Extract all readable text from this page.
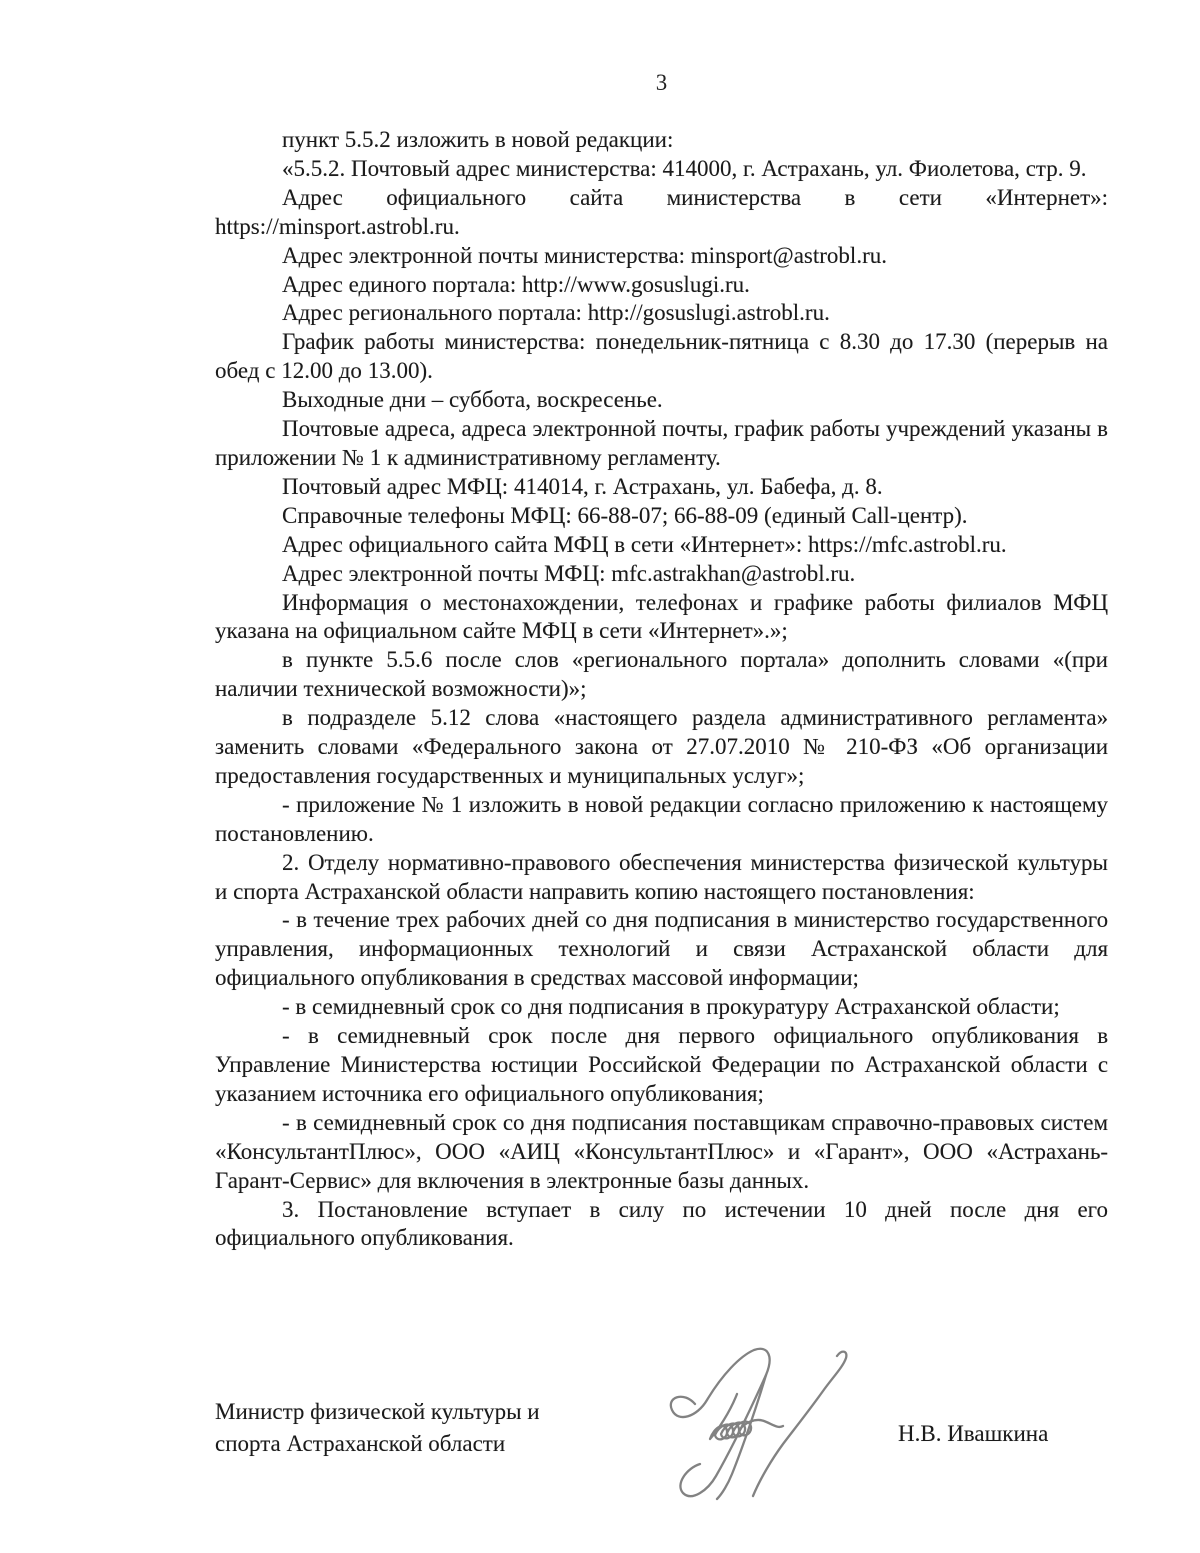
3

пункт 5.5.2 изложить в новой редакции:

«5.5.2. Почтовый адрес министерства: 414000, г. Астрахань, ул. Фиолетова, стр. 9.

Адрес официального сайта министерства в сети «Интернет»: https://minsport.astrobl.ru.

Адрес электронной почты министерства: minsport@astrobl.ru.

Адрес единого портала: http://www.gosuslugi.ru.

Адрес регионального портала: http://gosuslugi.astrobl.ru.

График работы министерства: понедельник-пятница с 8.30 до 17.30 (перерыв на обед с 12.00 до 13.00).

Выходные дни – суббота, воскресенье.

Почтовые адреса, адреса электронной почты, график работы учреждений указаны в приложении № 1 к административному регламенту.

Почтовый адрес МФЦ: 414014, г. Астрахань, ул. Бабефа, д. 8.

Справочные телефоны МФЦ: 66-88-07; 66-88-09 (единый Call-центр).

Адрес официального сайта МФЦ в сети «Интернет»: https://mfc.astrobl.ru.

Адрес электронной почты МФЦ: mfc.astrakhan@astrobl.ru.

Информация о местонахождении, телефонах и графике работы филиалов МФЦ указана на официальном сайте МФЦ в сети «Интернет».»;

в пункте 5.5.6 после слов «регионального портала» дополнить словами «(при наличии технической возможности)»;

в подразделе 5.12 слова «настоящего раздела административного регламента» заменить словами «Федерального закона от 27.07.2010 № 210-ФЗ «Об организации предоставления государственных и муниципальных услуг»;

- приложение № 1 изложить в новой редакции согласно приложению к настоящему постановлению.

2. Отделу нормативно-правового обеспечения министерства физической культуры и спорта Астраханской области направить копию настоящего постановления:

- в течение трех рабочих дней со дня подписания в министерство государственного управления, информационных технологий и связи Астраханской области для официального опубликования в средствах массовой информации;

- в семидневный срок со дня подписания в прокуратуру Астраханской области;

- в семидневный срок после дня первого официального опубликования в Управление Министерства юстиции Российской Федерации по Астраханской области с указанием источника его официального опубликования;

- в семидневный срок со дня подписания поставщикам справочно-правовых систем «КонсультантПлюс», ООО «АИЦ «КонсультантПлюс» и «Гарант», ООО «Астрахань-Гарант-Сервис» для включения в электронные базы данных.

3. Постановление вступает в силу по истечении 10 дней после дня его официального опубликования.

Министр физической культуры и
спорта Астраханской области	Н.В. Ивашкина
